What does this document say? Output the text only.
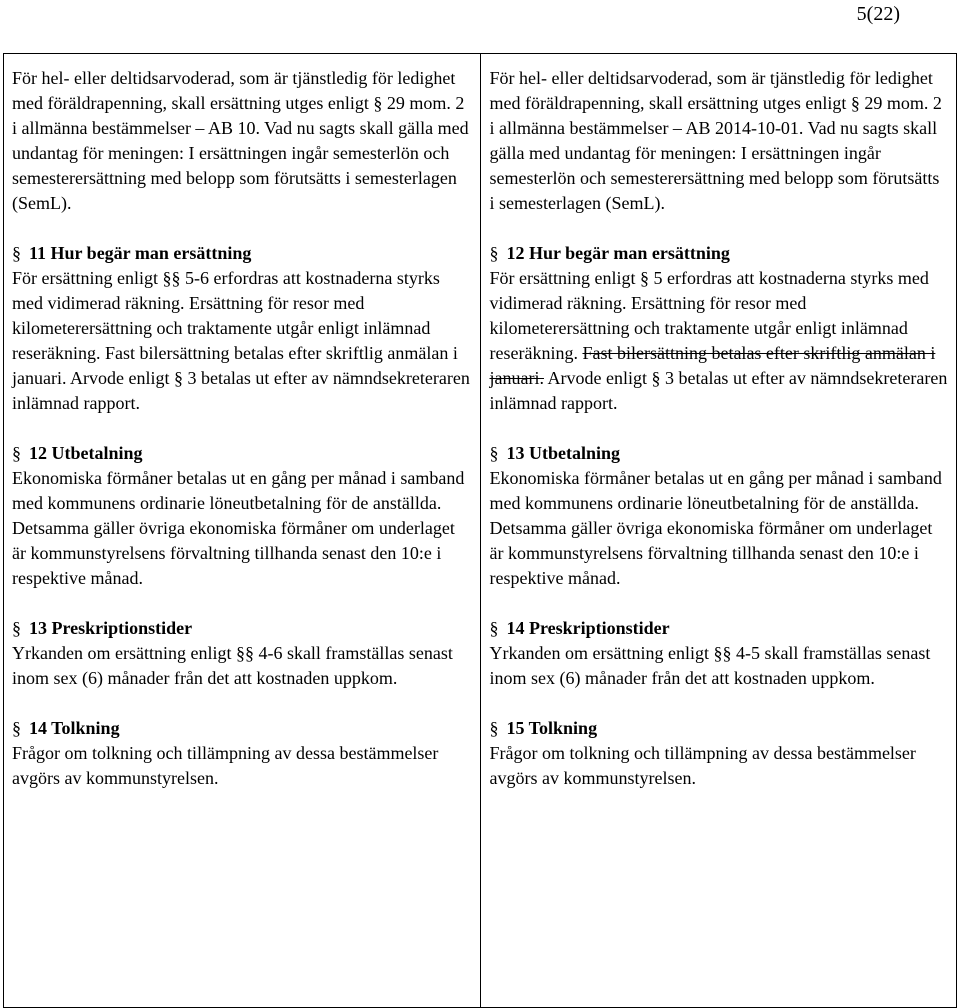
5(22)

För hel- eller deltidsarvoderad, som är tjänstledig för ledighet med föräldrapenning, skall ersättning utges enligt § 29 mom. 2 i allmänna bestämmelser – AB 10. Vad nu sagts skall gälla med undantag för meningen: I ersättningen ingår semesterlön och semesterersättning med belopp som förutsätts i semesterlagen (SemL).

§ 11 Hur begär man ersättning

För ersättning enligt §§ 5-6 erfordras att kostnaderna styrks med vidimerad räkning. Ersättning för resor med kilometerersättning och traktamente utgår enligt inlämnad reseräkning. Fast bilersättning betalas efter skriftlig anmälan i januari. Arvode enligt § 3 betalas ut efter av nämndsekreteraren inlämnad rapport.

§ 12 Utbetalning

Ekonomiska förmåner betalas ut en gång per månad i samband med kommunens ordinarie löneutbetalning för de anställda. Detsamma gäller övriga ekonomiska förmåner om underlaget är kommunstyrelsens förvaltning tillhanda senast den 10:e i respektive månad.

§ 13 Preskriptionstider

Yrkanden om ersättning enligt §§ 4-6 skall framställas senast inom sex (6) månader från det att kostnaden uppkom.

§ 14 Tolkning

Frågor om tolkning och tillämpning av dessa bestämmelser avgörs av kommunstyrelsen.

För hel- eller deltidsarvoderad, som är tjänstledig för ledighet med föräldrapenning, skall ersättning utges enligt § 29 mom. 2 i allmänna bestämmelser – AB 2014-10-01. Vad nu sagts skall gälla med undantag för meningen: I ersättningen ingår semesterlön och semesterersättning med belopp som förutsätts i semesterlagen (SemL).

§ 12 Hur begär man ersättning

För ersättning enligt § 5 erfordras att kostnaderna styrks med vidimerad räkning. Ersättning för resor med kilometerersättning och traktamente utgår enligt inlämnad reseräkning. Fast bilersättning betalas efter skriftlig anmälan i januari. Arvode enligt § 3 betalas ut efter av nämndsekreteraren inlämnad rapport.

§ 13 Utbetalning

Ekonomiska förmåner betalas ut en gång per månad i samband med kommunens ordinarie löneutbetalning för de anställda. Detsamma gäller övriga ekonomiska förmåner om underlaget är kommunstyrelsens förvaltning tillhanda senast den 10:e i respektive månad.

§ 14 Preskriptionstider

Yrkanden om ersättning enligt §§ 4-5 skall framställas senast inom sex (6) månader från det att kostnaden uppkom.

§ 15 Tolkning

Frågor om tolkning och tillämpning av dessa bestämmelser avgörs av kommunstyrelsen.
